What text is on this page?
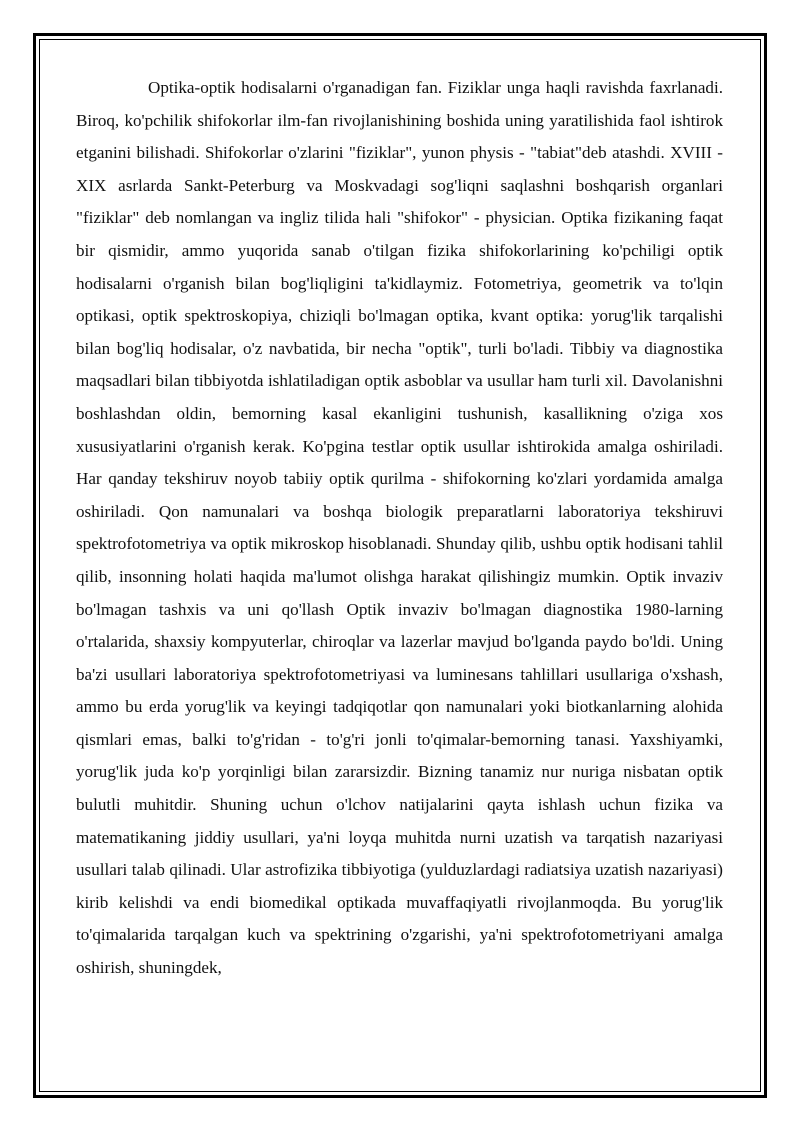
Optika-optik hodisalarni o'rganadigan fan. Fiziklar unga haqli ravishda faxrlanadi. Biroq, ko'pchilik shifokorlar ilm-fan rivojlanishining boshida uning yaratilishida faol ishtirok etganini bilishadi. Shifokorlar o'zlarini "fiziklar", yunon physis - "tabiat"deb atashdi. XVIII - XIX asrlarda Sankt-Peterburg va Moskvadagi sog'liqni saqlashni boshqarish organlari "fiziklar" deb nomlangan va ingliz tilida hali "shifokor" - physician. Optika fizikaning faqat bir qismidir, ammo yuqorida sanab o'tilgan fizika shifokorlarining ko'pchiligi optik hodisalarni o'rganish bilan bog'liqligini ta'kidlaymiz. Fotometriya, geometrik va to'lqin optikasi, optik spektroskopiya, chiziqli bo'lmagan optika, kvant optika: yorug'lik tarqalishi bilan bog'liq hodisalar, o'z navbatida, bir necha "optik", turli bo'ladi. Tibbiy va diagnostika maqsadlari bilan tibbiyotda ishlatiladigan optik asboblar va usullar ham turli xil. Davolanishni boshlashdan oldin, bemorning kasal ekanligini tushunish, kasallikning o'ziga xos xususiyatlarini o'rganish kerak. Ko'pgina testlar optik usullar ishtirokida amalga oshiriladi. Har qanday tekshiruv noyob tabiiy optik qurilma - shifokorning ko'zlari yordamida amalga oshiriladi. Qon namunalari va boshqa biologik preparatlarni laboratoriya tekshiruvi spektrofotometriya va optik mikroskop hisoblanadi. Shunday qilib, ushbu optik hodisani tahlil qilib, insonning holati haqida ma'lumot olishga harakat qilishingiz mumkin. Optik invaziv bo'lmagan tashxis va uni qo'llash Optik invaziv bo'lmagan diagnostika 1980-larning o'rtalarida, shaxsiy kompyuterlar, chiroqlar va lazerlar mavjud bo'lganda paydo bo'ldi. Uning ba'zi usullari laboratoriya spektrofotometriyasi va luminesans tahlillari usullariga o'xshash, ammo bu erda yorug'lik va keyingi tadqiqotlar qon namunalari yoki biotkanlarning alohida qismlari emas, balki to'g'ridan - to'g'ri jonli to'qimalar-bemorning tanasi. Yaxshiyamki, yorug'lik juda ko'p yorqinligi bilan zararsizdir. Bizning tanamiz nur nuriga nisbatan optik bulutli muhitdir. Shuning uchun o'lchov natijalarini qayta ishlash uchun fizika va matematikaning jiddiy usullari, ya'ni loyqa muhitda nurni uzatish va tarqatish nazariyasi usullari talab qilinadi. Ular astrofizika tibbiyotiga (yulduzlardagi radiatsiya uzatish nazariyasi) kirib kelishdi va endi biomedikal optikada muvaffaqiyatli rivojlanmoqda. Bu yorug'lik to'qimalarida tarqalgan kuch va spektrining o'zgarishi, ya'ni spektrofotometriyani amalga oshirish, shuningdek,
